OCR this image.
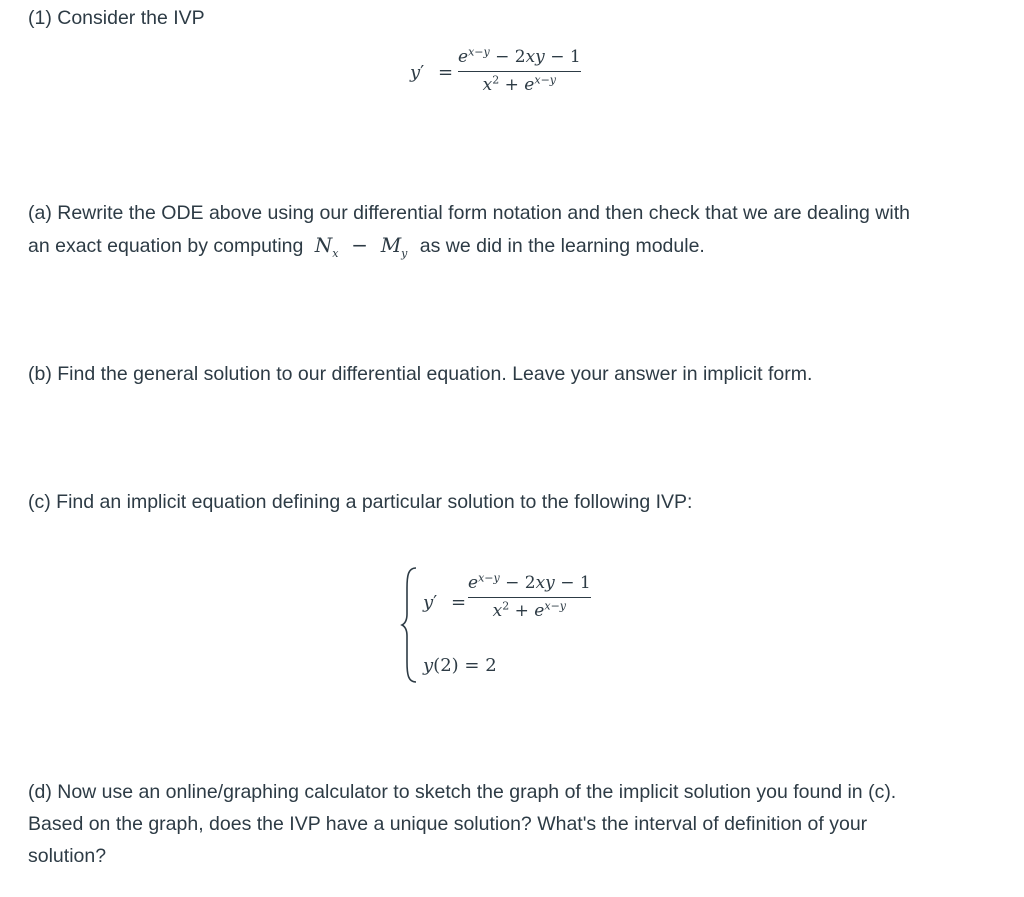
(1) Consider the IVP
y′ =
$e^{x-y} - 2xy - 1$
$x^2 + e^{x-y}$
(a) Rewrite the ODE above using our differential form notation and then check that we are dealing with
an exact equation by computing $N_x - M_y$ as we did in the learning module.
(b) Find the general solution to our differential equation. Leave your answer in implicit form.
(c) Find an implicit equation defining a particular solution to the following IVP:
y′ =
$e^{x-y} - 2xy - 1$
$x^2 + e^{x-y}$
y(2) = 2
(d) Now use an online/graphing calculator to sketch the graph of the implicit solution you found in (c).
Based on the graph, does the IVP have a unique solution? What's the interval of definition of your
solution?
